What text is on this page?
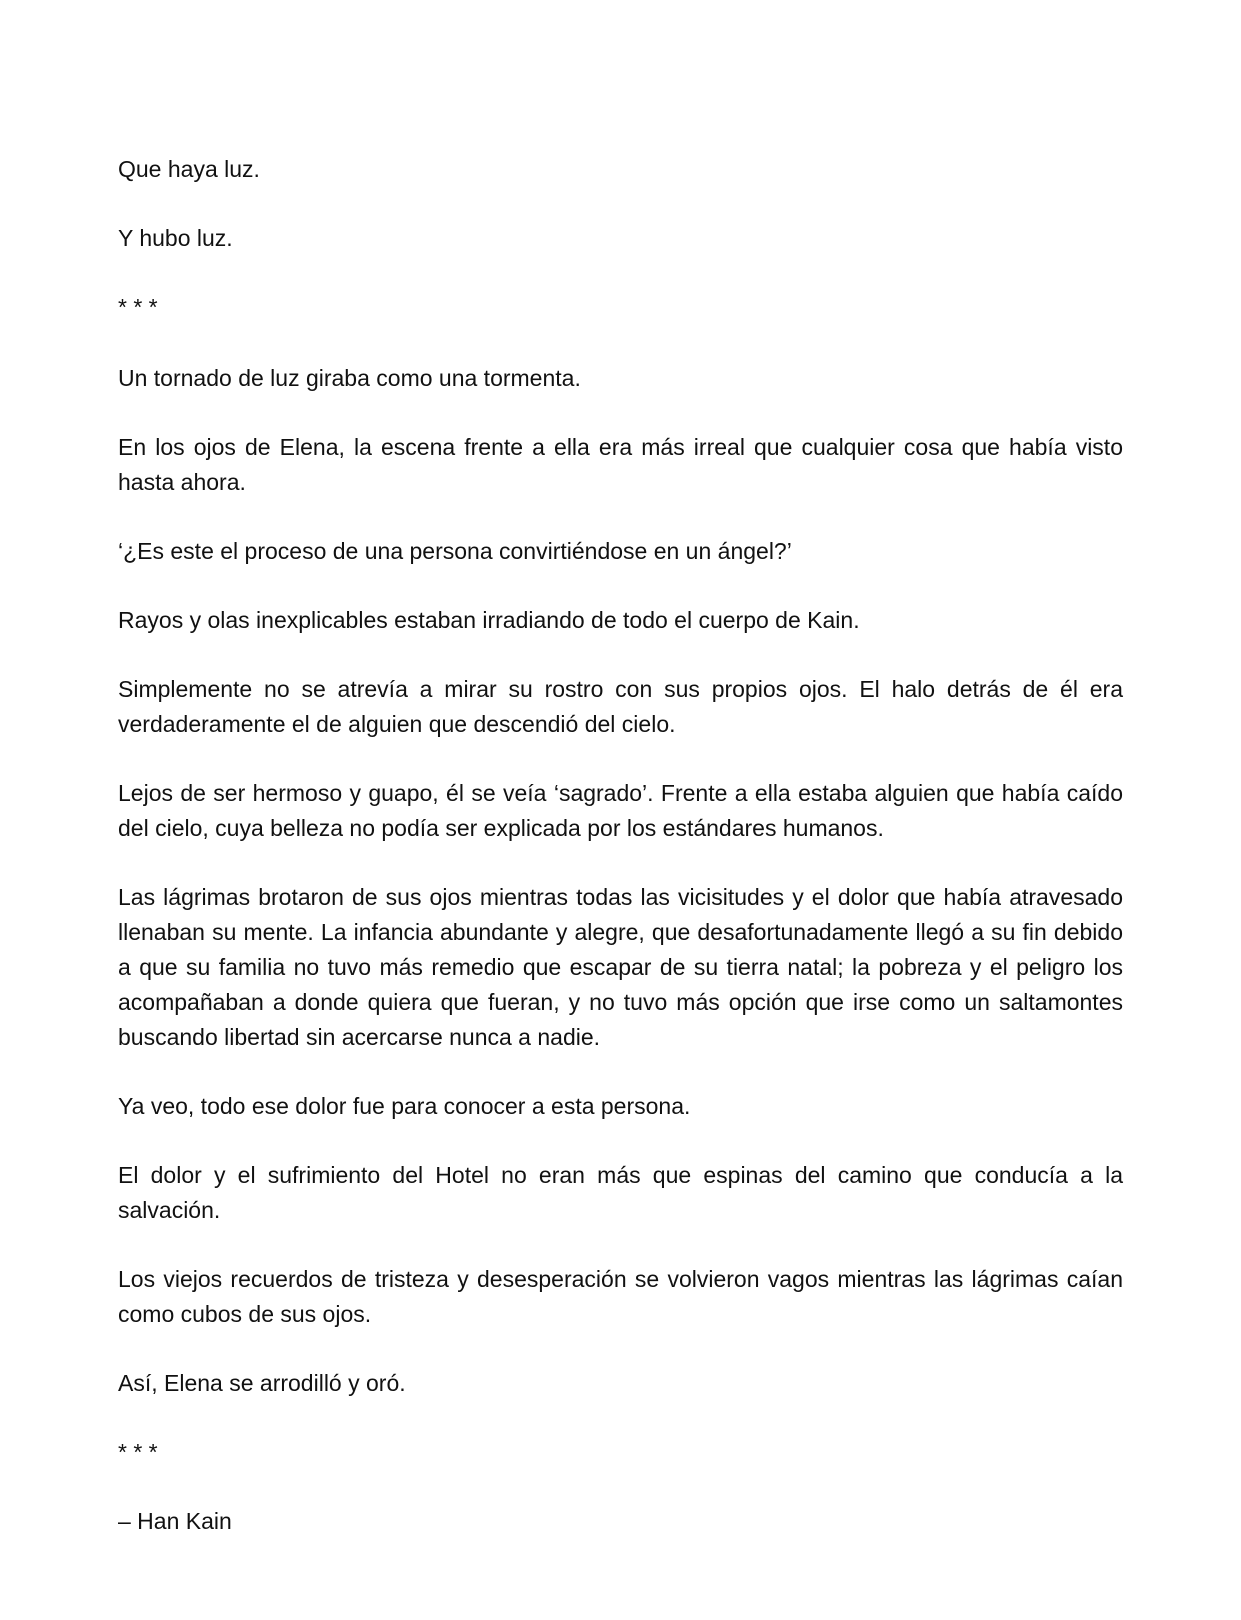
Que haya luz.

Y hubo luz.

* * *

Un tornado de luz giraba como una tormenta.

En los ojos de Elena, la escena frente a ella era más irreal que cualquier cosa que había visto hasta ahora.

‘¿Es este el proceso de una persona convirtiéndose en un ángel?’

Rayos y olas inexplicables estaban irradiando de todo el cuerpo de Kain.

Simplemente no se atrevía a mirar su rostro con sus propios ojos. El halo detrás de él era verdaderamente el de alguien que descendió del cielo.

Lejos de ser hermoso y guapo, él se veía ‘sagrado’. Frente a ella estaba alguien que había caído del cielo, cuya belleza no podía ser explicada por los estándares humanos.

Las lágrimas brotaron de sus ojos mientras todas las vicisitudes y el dolor que había atravesado llenaban su mente. La infancia abundante y alegre, que desafortunadamente llegó a su fin debido a que su familia no tuvo más remedio que escapar de su tierra natal; la pobreza y el peligro los acompañaban a donde quiera que fueran, y no tuvo más opción que irse como un saltamontes buscando libertad sin acercarse nunca a nadie.

Ya veo, todo ese dolor fue para conocer a esta persona.

El dolor y el sufrimiento del Hotel no eran más que espinas del camino que conducía a la salvación.

Los viejos recuerdos de tristeza y desesperación se volvieron vagos mientras las lágrimas caían como cubos de sus ojos.

Así, Elena se arrodilló y oró.

* * *

– Han Kain
